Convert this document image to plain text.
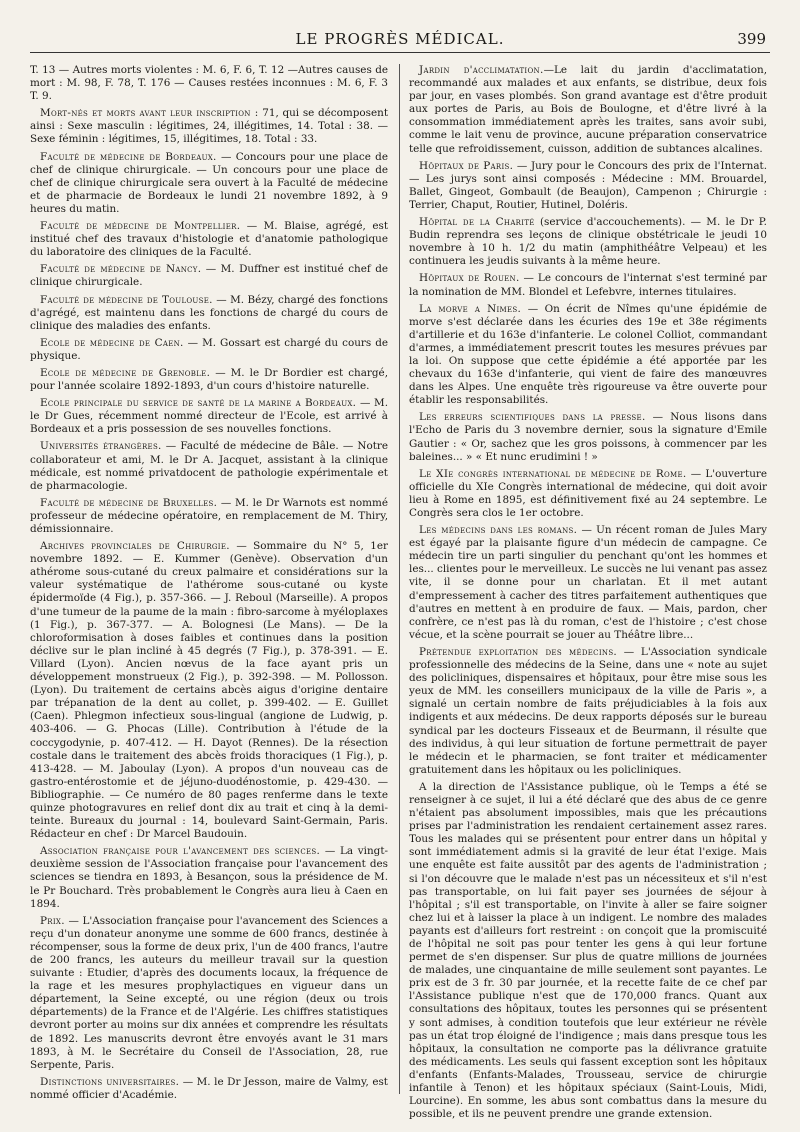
LE PROGRÈS MÉDICAL.	399

T. 13 — Autres morts violentes : M. 6, F. 6, T. 12 —Autres causes de mort : M. 98, F. 78, T. 176 — Causes restées inconnues : M. 6, F. 3 T. 9.

Mort-nés et morts avant leur inscription : 71, qui se décomposent ainsi : Sexe masculin : légitimes, 24, illégitimes, 14. Total : 38. — Sexe féminin : légitimes, 15, illégitimes, 18. Total : 33.

Faculté de médecine de Bordeaux. — Concours pour une place de chef de clinique chirurgicale. — Un concours pour une place de chef de clinique chirurgicale sera ouvert à la Faculté de médecine et de pharmacie de Bordeaux le lundi 21 novembre 1892, à 9 heures du matin.

Faculté de médecine de Montpellier. — M. Blaise, agrégé, est institué chef des travaux d'histologie et d'anatomie pathologique du laboratoire des cliniques de la Faculté.

Faculté de médecine de Nancy. — M. Duffner est institué chef de clinique chirurgicale.

Faculté de médecine de Toulouse. — M. Bézy, chargé des fonctions d'agrégé, est maintenu dans les fonctions de chargé du cours de clinique des maladies des enfants.

Ecole de médecine de Caen. — M. Gossart est chargé du cours de physique.

Ecole de médecine de Grenoble. — M. le Dr Bordier est chargé, pour l'année scolaire 1892-1893, d'un cours d'histoire naturelle.

Ecole principale du service de santé de la marine a Bordeaux. — M. le Dr Gues, récemment nommé directeur de l'Ecole, est arrivé à Bordeaux et a pris possession de ses nouvelles fonctions.

Universités étrangères. — Faculté de médecine de Bâle. — Notre collaborateur et ami, M. le Dr A. Jacquet, assistant à la clinique médicale, est nommé privatdocent de pathologie expérimentale et de pharmacologie.

Faculté de médecine de Bruxelles. — M. le Dr Warnots est nommé professeur de médecine opératoire, en remplacement de M. Thiry, démissionnaire.

Archives provinciales de Chirurgie. — Sommaire du N° 5, 1er novembre 1892. — E. Kummer (Genève). Observation d'un athérome sous-cutané du creux palmaire et considérations sur la valeur systématique de l'athérome sous-cutané ou kyste épidermoïde (4 Fig.), p. 357-366. — J. Reboul (Marseille). A propos d'une tumeur de la paume de la main : fibro-sarcome à myéloplaxes (1 Fig.), p. 367-377. — A. Bolognesi (Le Mans). — De la chloroformisation à doses faibles et continues dans la position déclive sur le plan incliné à 45 degrés (7 Fig.), p. 378-391. — E. Villard (Lyon). Ancien nœvus de la face ayant pris un développement monstrueux (2 Fig.), p. 392-398. — M. Pollosson. (Lyon). Du traitement de certains abcès aigus d'origine dentaire par trépanation de la dent au collet, p. 399-402. — E. Guillet (Caen). Phlegmon infectieux sous-lingual (angione de Ludwig, p. 403-406. — G. Phocas (Lille). Contribution à l'étude de la coccygodynie, p. 407-412. — H. Dayot (Rennes). De la résection costale dans le traitement des abcès froids thoraciques (1 Fig.), p. 413-428. — M. Jaboulay (Lyon). A propos d'un nouveau cas de gastro-entérostomie et de jéjuno-duodénostomie, p. 429-430. — Bibliographie. — Ce numéro de 80 pages renferme dans le texte quinze photogravures en relief dont dix au trait et cinq à la demi-teinte. Bureaux du journal : 14, boulevard Saint-Germain, Paris. Rédacteur en chef : Dr Marcel Baudouin.

Association française pour l'avancement des sciences. — La vingt-deuxième session de l'Association française pour l'avancement des sciences se tiendra en 1893, à Besançon, sous la présidence de M. le Pr Bouchard. Très probablement le Congrès aura lieu à Caen en 1894.

Prix. — L'Association française pour l'avancement des Sciences a reçu d'un donateur anonyme une somme de 600 francs, destinée à récompenser, sous la forme de deux prix, l'un de 400 francs, l'autre de 200 francs, les auteurs du meilleur travail sur la question suivante : Etudier, d'après des documents locaux, la fréquence de la rage et les mesures prophylactiques en vigueur dans un département, la Seine excepté, ou une région (deux ou trois départements) de la France et de l'Algérie. Les chiffres statistiques devront porter au moins sur dix années et comprendre les résultats de 1892. Les manuscrits devront être envoyés avant le 31 mars 1893, à M. le Secrétaire du Conseil de l'Association, 28, rue Serpente, Paris.

Distinctions universitaires. — M. le Dr Jesson, maire de Valmy, est nommé officier d'Académie.

Jardin d'acclimatation.—Le lait du jardin d'acclimatation, recommandé aux malades et aux enfants, se distribue, deux fois par jour, en vases plombés. Son grand avantage est d'être produit aux portes de Paris, au Bois de Boulogne, et d'être livré à la consommation immédiatement après les traites, sans avoir subi, comme le lait venu de province, aucune préparation conservatrice telle que refroidissement, cuisson, addition de subtances alcalines.

Hôpitaux de Paris. — Jury pour le Concours des prix de l'Internat. — Les jurys sont ainsi composés : Médecine : MM. Brouardel, Ballet, Gingeot, Gombault (de Beaujon), Campenon ; Chirurgie : Terrier, Chaput, Routier, Hutinel, Doléris.

Hôpital de la Charité (service d'accouchements). — M. le Dr P. Budin reprendra ses leçons de clinique obstétricale le jeudi 10 novembre à 10 h. 1/2 du matin (amphithéâtre Velpeau) et les continuera les jeudis suivants à la même heure.

Hôpitaux de Rouen. — Le concours de l'internat s'est terminé par la nomination de MM. Blondel et Lefebvre, internes titulaires.

La morve a Nimes. — On écrit de Nîmes qu'une épidémie de morve s'est déclarée dans les écuries des 19e et 38e régiments d'artillerie et du 163e d'infanterie. Le colonel Colliot, commandant d'armes, a immédiatement prescrit toutes les mesures prévues par la loi. On suppose que cette épidémie a été apportée par les chevaux du 163e d'infanterie, qui vient de faire des manœuvres dans les Alpes. Une enquête très rigoureuse va être ouverte pour établir les responsabilités.

Les erreurs scientifiques dans la presse. — Nous lisons dans l'Echo de Paris du 3 novembre dernier, sous la signature d'Emile Gautier : « Or, sachez que les gros poissons, à commencer par les baleines... » « Et nunc erudimini ! »

Le XIe congrès international de médecine de Rome. — L'ouverture officielle du XIe Congrès international de médecine, qui doit avoir lieu à Rome en 1895, est définitivement fixé au 24 septembre. Le Congrès sera clos le 1er octobre.

Les médecins dans les romans. — Un récent roman de Jules Mary est égayé par la plaisante figure d'un médecin de campagne. Ce médecin tire un parti singulier du penchant qu'ont les hommes et les... clientes pour le merveilleux. Le succès ne lui venant pas assez vite, il se donne pour un charlatan. Et il met autant d'empressement à cacher des titres parfaitement authentiques que d'autres en mettent à en produire de faux. — Mais, pardon, cher confrère, ce n'est pas là du roman, c'est de l'histoire ; c'est chose vécue, et la scène pourrait se jouer au Théâtre libre...

Prétendue exploitation des médecins. — L'Association syndicale professionnelle des médecins de la Seine, dans une « note au sujet des policliniques, dispensaires et hôpitaux, pour être mise sous les yeux de MM. les conseillers municipaux de la ville de Paris », a signalé un certain nombre de faits préjudiciables à la fois aux indigents et aux médecins. De deux rapports déposés sur le bureau syndical par les docteurs Fisseaux et de Beurmann, il résulte que des individus, à qui leur situation de fortune permettrait de payer le médecin et le pharmacien, se font traiter et médicamenter gratuitement dans les hôpitaux ou les policliniques.

A la direction de l'Assistance publique, où le Temps a été se renseigner à ce sujet, il lui a été déclaré que des abus de ce genre n'étaient pas absolument impossibles, mais que les précautions prises par l'administration les rendaient certainement assez rares. Tous les malades qui se présentent pour entrer dans un hôpital y sont immédiatement admis si la gravité de leur état l'exige. Mais une enquête est faite aussitôt par des agents de l'administration ; si l'on découvre que le malade n'est pas un nécessiteux et s'il n'est pas transportable, on lui fait payer ses journées de séjour à l'hôpital ; s'il est transportable, on l'invite à aller se faire soigner chez lui et à laisser la place à un indigent. Le nombre des malades payants est d'ailleurs fort restreint : on conçoit que la promiscuité de l'hôpital ne soit pas pour tenter les gens à qui leur fortune permet de s'en dispenser. Sur plus de quatre millions de journées de malades, une cinquantaine de mille seulement sont payantes. Le prix est de 3 fr. 30 par journée, et la recette faite de ce chef par l'Assistance publique n'est que de 170,000 francs. Quant aux consultations des hôpitaux, toutes les personnes qui se présentent y sont admises, à condition toutefois que leur extérieur ne révèle pas un état trop éloigné de l'indigence ; mais dans presque tous les hôpitaux, la consultation ne comporte pas la délivrance gratuite des médicaments. Les seuls qui fassent exception sont les hôpitaux d'enfants (Enfants-Malades, Trousseau, service de chirurgie infantile à Tenon) et les hôpitaux spéciaux (Saint-Louis, Midi, Lourcine). En somme, les abus sont combattus dans la mesure du possible, et ils ne peuvent prendre une grande extension.
